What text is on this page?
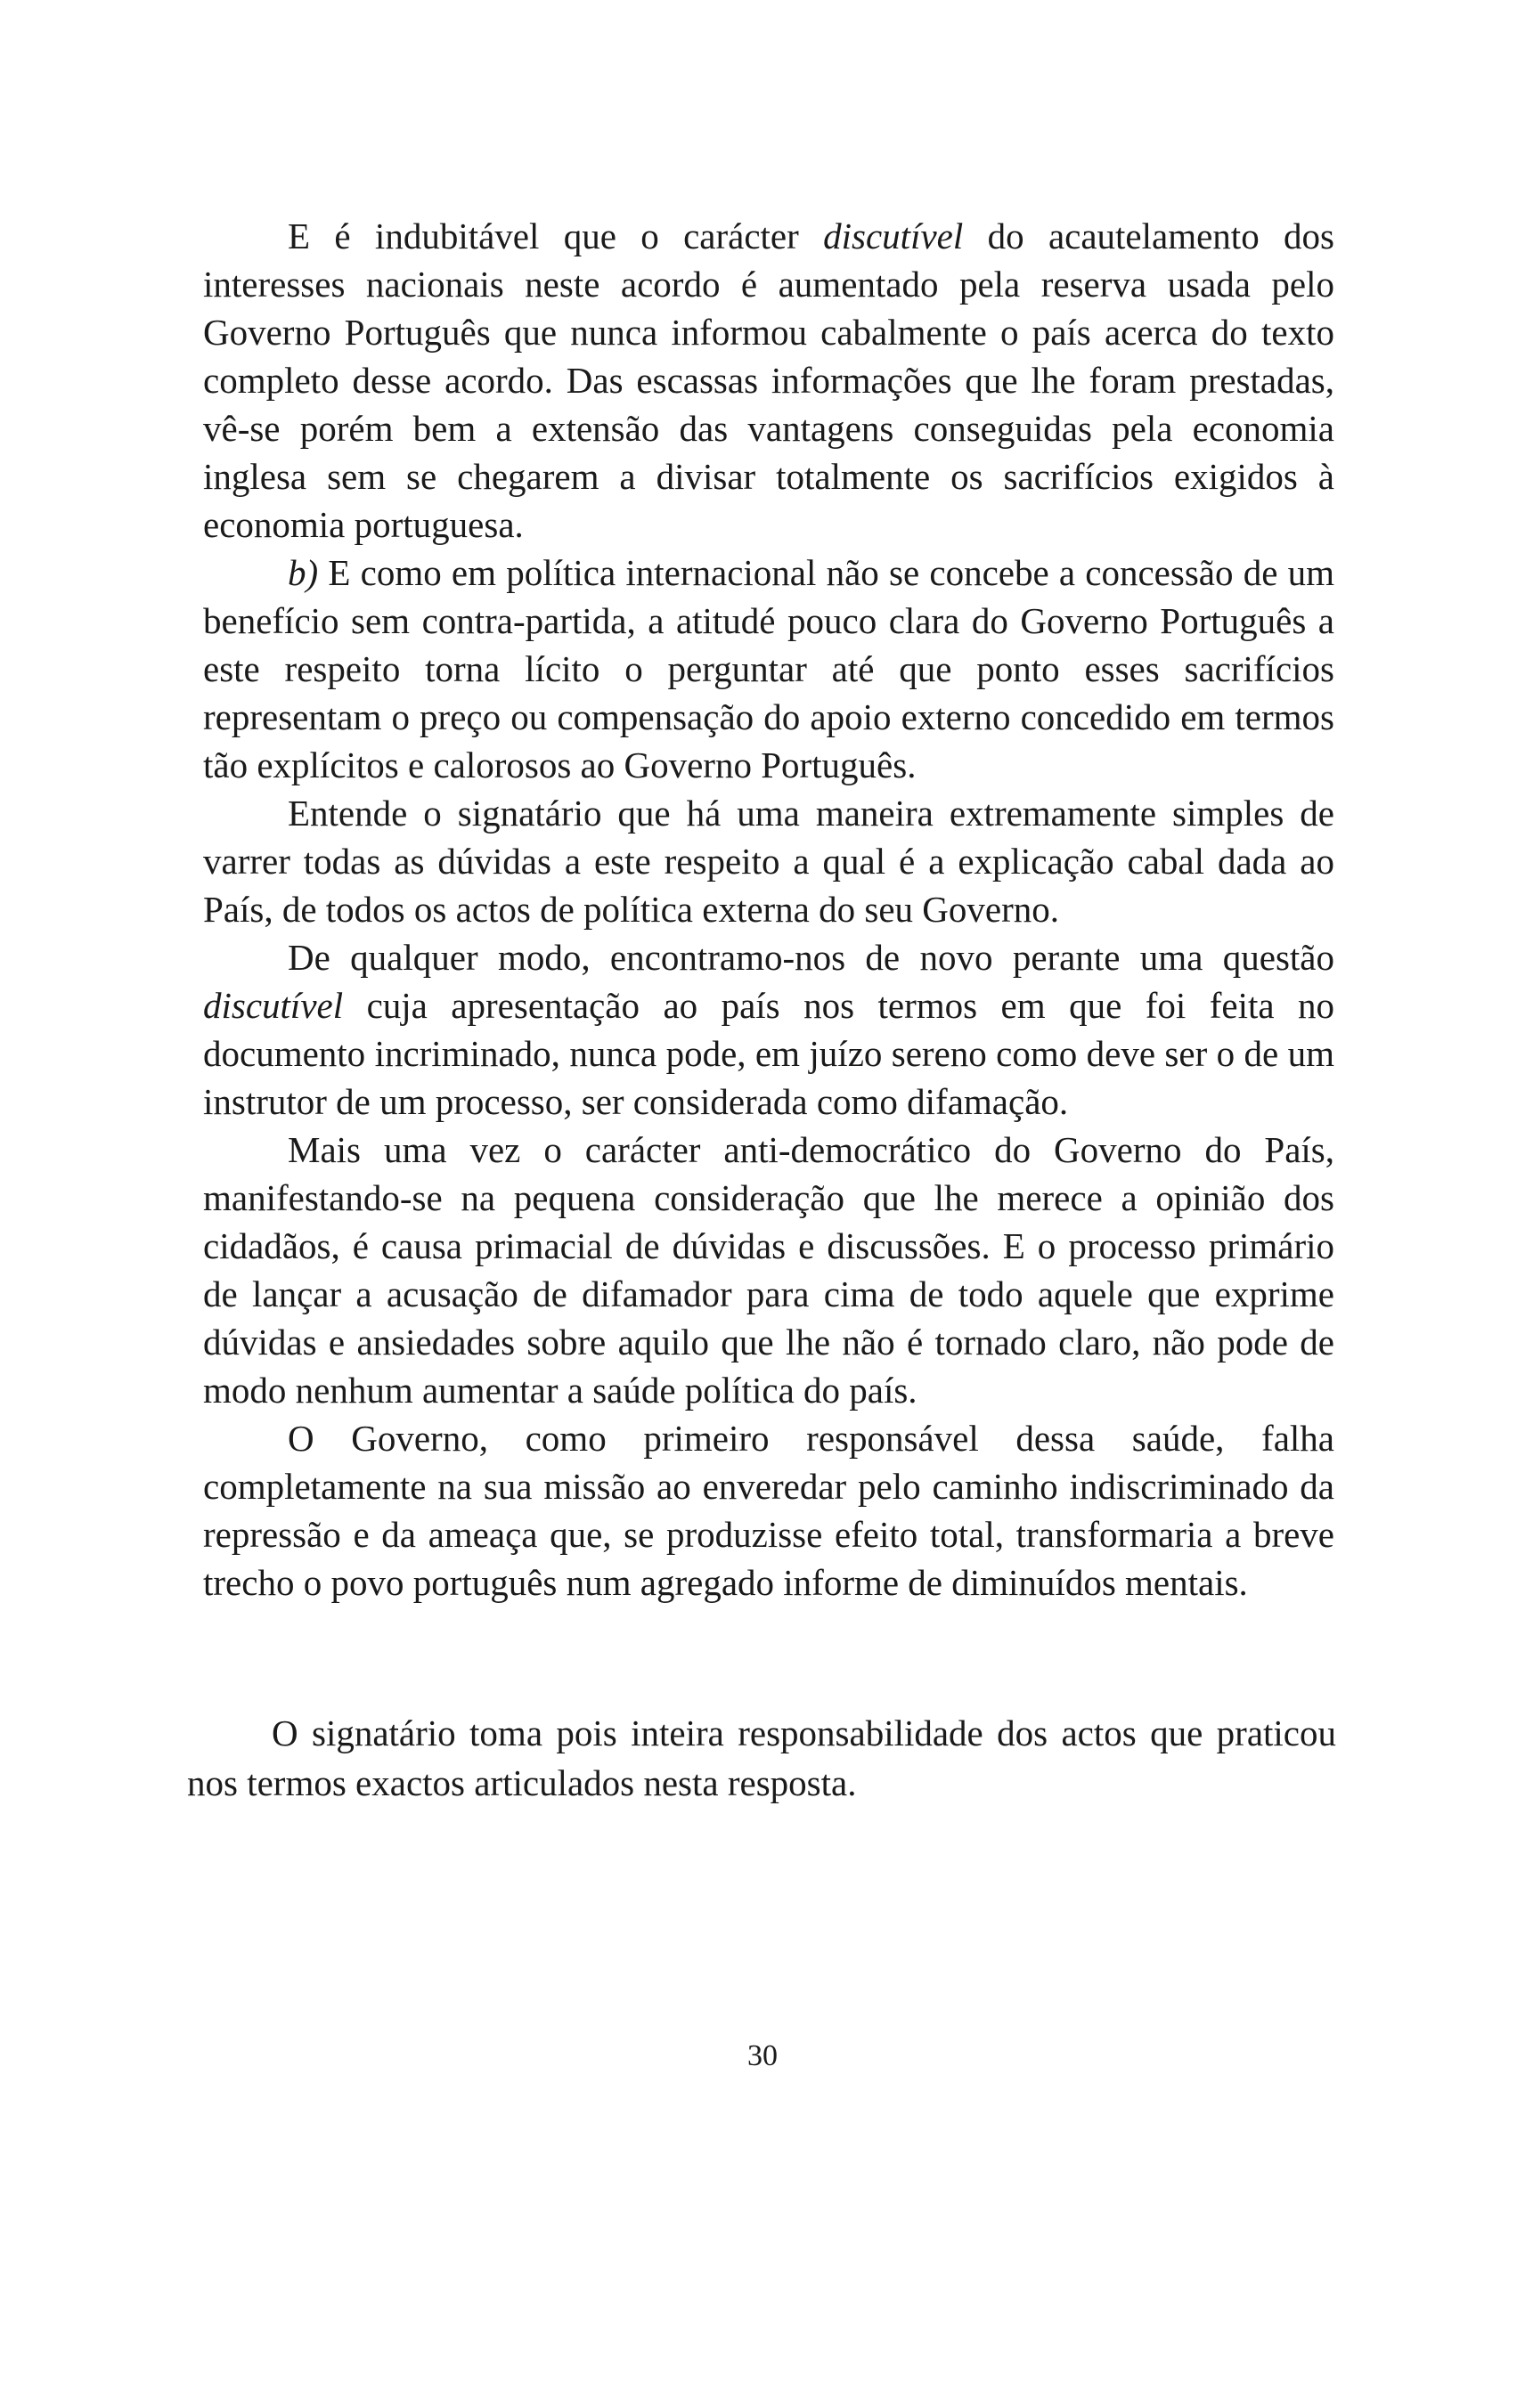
E é indubitável que o carácter discutível do acautelamento dos interesses nacionais neste acordo é aumentado pela reserva usada pelo Governo Português que nunca informou cabalmente o país acerca do texto completo desse acordo. Das escassas informações que lhe foram prestadas, vê-se porém bem a extensão das vantagens conseguidas pela economia inglesa sem se chegarem a divisar totalmente os sacrifícios exigidos à economia portuguesa.

b) E como em política internacional não se concebe a concessão de um benefício sem contra-partida, a atitudé pouco clara do Governo Português a este respeito torna lícito o perguntar até que ponto esses sacrifícios representam o preço ou compensação do apoio externo concedido em termos tão explícitos e calorosos ao Governo Português.

Entende o signatário que há uma maneira extremamente simples de varrer todas as dúvidas a este respeito a qual é a explicação cabal dada ao País, de todos os actos de política externa do seu Governo.

De qualquer modo, encontramo-nos de novo perante uma questão discutível cuja apresentação ao país nos termos em que foi feita no documento incriminado, nunca pode, em juízo sereno como deve ser o de um instrutor de um processo, ser considerada como difamação.

Mais uma vez o carácter anti-democrático do Governo do País, manifestando-se na pequena consideração que lhe merece a opinião dos cidadãos, é causa primacial de dúvidas e discussões. E o processo primário de lançar a acusação de difamador para cima de todo aquele que exprime dúvidas e ansiedades sobre aquilo que lhe não é tornado claro, não pode de modo nenhum aumentar a saúde política do país.

O Governo, como primeiro responsável dessa saúde, falha completamente na sua missão ao enveredar pelo caminho indiscriminado da repressão e da ameaça que, se produzisse efeito total, transformaria a breve trecho o povo português num agregado informe de diminuídos mentais.

O signatário toma pois inteira responsabilidade dos actos que praticou nos termos exactos articulados nesta resposta.

30
